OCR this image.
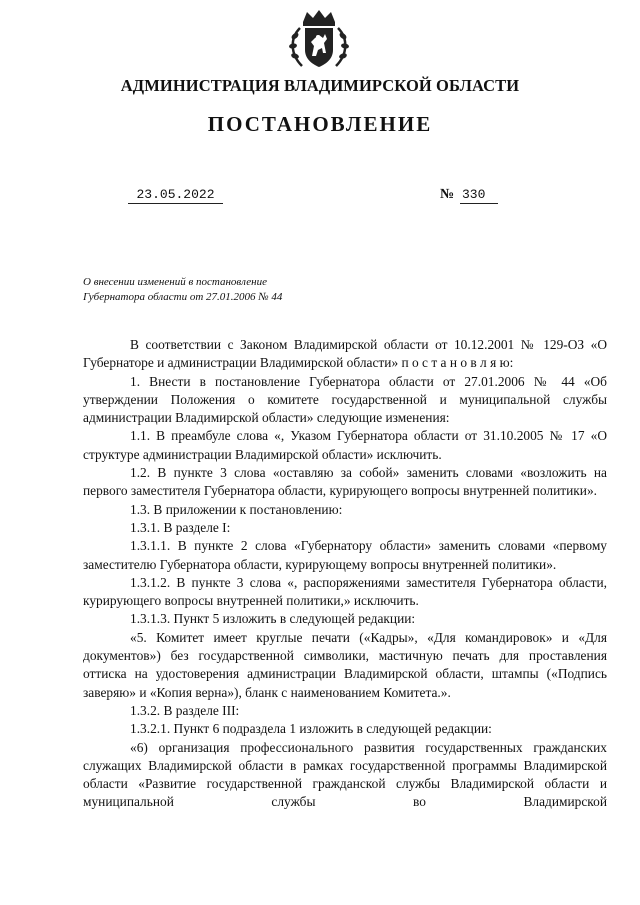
АДМИНИСТРАЦИЯ ВЛАДИМИРСКОЙ ОБЛАСТИ
ПОСТАНОВЛЕНИЕ
23.05.2022	№ 330
О внесении изменений в постановление
Губернатора области от 27.01.2006 № 44

В соответствии с Законом Владимирской области от 10.12.2001 № 129-ОЗ «О Губернаторе и администрации Владимирской области» п о с т а н о в л я ю:

1. Внести в постановление Губернатора области от 27.01.2006 № 44 «Об утверждении Положения о комитете государственной и муниципальной службы администрации Владимирской области» следующие изменения:

1.1. В преамбуле слова «, Указом Губернатора области от 31.10.2005 № 17 «О структуре администрации Владимирской области» исключить.

1.2. В пункте 3 слова «оставляю за собой» заменить словами «возложить на первого заместителя Губернатора области, курирующего вопросы внутренней политики».

1.3. В приложении к постановлению:

1.3.1. В разделе I:

1.3.1.1. В пункте 2 слова «Губернатору области» заменить словами «первому заместителю Губернатора области, курирующему вопросы внутренней политики».

1.3.1.2. В пункте 3 слова «, распоряжениями заместителя Губернатора области, курирующего вопросы внутренней политики,» исключить.

1.3.1.3. Пункт 5 изложить в следующей редакции:

«5. Комитет имеет круглые печати («Кадры», «Для командировок» и «Для документов») без государственной символики, мастичную печать для проставления оттиска на удостоверения администрации Владимирской области, штампы («Подпись заверяю» и «Копия верна»), бланк с наименованием Комитета.».

1.3.2. В разделе III:

1.3.2.1. Пункт 6 подраздела 1 изложить в следующей редакции:

«6) организация профессионального развития государственных гражданских служащих Владимирской области в рамках государственной программы Владимирской области «Развитие государственной гражданской службы Владимирской области и муниципальной службы во Владимирской
